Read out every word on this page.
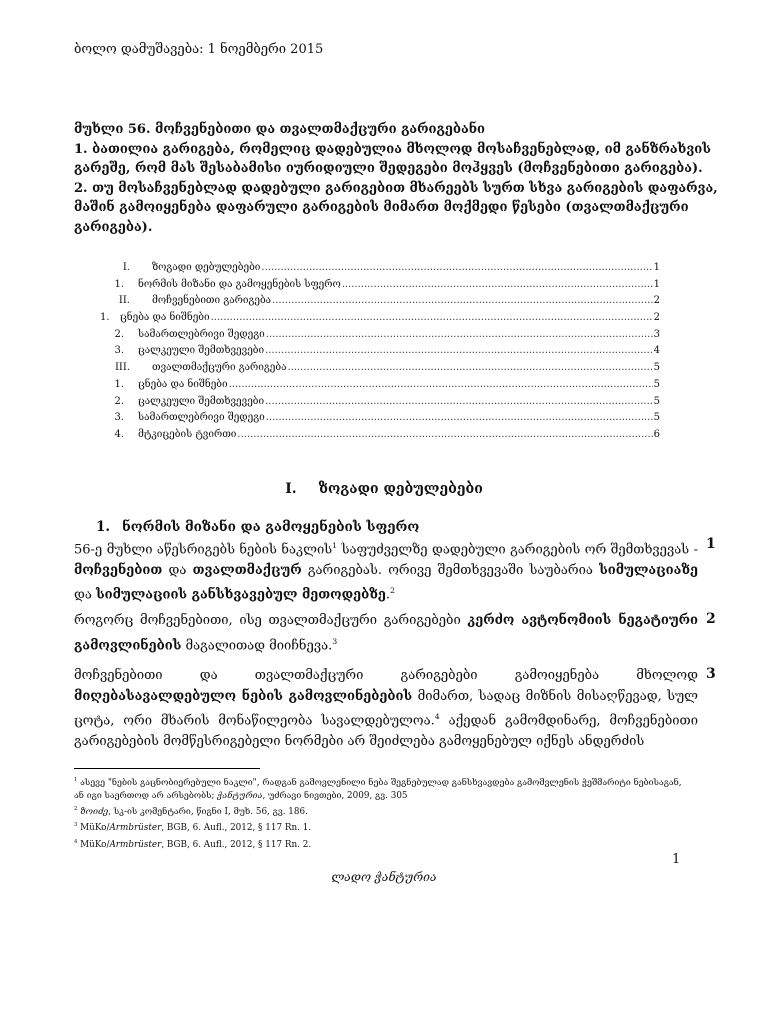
ბოლო დამუშავება: 1 ნოემბერი 2015

მუხლი 56. მოჩვენებითი და თვალთმაქცური გარიგებანი

1. ბათილია გარიგება, რომელიც დადებულია მხოლოდ მოსაჩვენებლად, იმ განზრახვის გარეშე, რომ მას შესაბამისი იურიდიული შედეგები მოჰყვეს (მოჩვენებითი გარიგება).

2. თუ მოსაჩვენებლად დადებული გარიგებით მხარეებს სურთ სხვა გარიგების დაფარვა, მაშინ გამოიყენება დაფარული გარიგების მიმართ მოქმედი წესები (თვალთმაქცური გარიგება).

I.	ზოგადი დებულებები .....	1
1.	ნორმის მიზანი და გამოყენების სფერო .....	1
II.	მოჩვენებითი გარიგება .....	2
1.	ცნება და ნიშნები .....	2
2.	სამართლებრივი შედეგი .....	3
3.	ცალკეული შემთხვევები .....	4
III.	თვალთმაქცური გარიგება .....	5
1.	ცნება და ნიშნები .....	5
2.	ცალკეული შემთხვევები .....	5
3.	სამართლებრივი შედეგი .....	5
4.	მტკიცების ტვირთი .....	6
I. ზოგადი დებულებები
1. ნორმის მიზანი და გამოყენების სფერო

56-ე მუხლი აწესრიგებს ნების ნაკლის$^1$ საფუძველზე დადებული გარიგების ორ შემთხვევას - მოჩვენებით და თვალთმაქცურ გარიგებას. ორივე შემთხვევაში საუბარია სიმულაციაზე და სიმულაციის განსხვავებულ მეთოდებზე.$^2$

1

როგორც მოჩვენებითი, ისე თვალთმაქცური გარიგებები კერძო ავტონომიის ნეგატიური გამოვლინების მაგალითად მიიჩნევა.$^3$

2

მოჩვენებითი და თვალთმაქცური გარიგებები გამოიყენება მხოლოდ მიღებასავალდებულო ნების გამოვლინებების მიმართ, სადაც მიზნის მისაღწევად, სულ ცოტა, ორი მხარის მონაწილეობა სავალდებულოა.$^4$ აქედან გამომდინარე, მოჩვენებითი გარიგებების მომწესრიგებელი ნორმები არ შეიძლება გამოყენებულ იქნეს ანდერძის

3

$^1$ ასევე "ნების გაცნობიერებული ნაკლი", რადგან გამოვლენილი ნება შეგნებულად განსხვავდება გამომვლენის ჭეშმარიტი ნებისაგან, ან იგი საერთოდ არ არსებობს; ჭანტურია, უძრავი ნივთები, 2009, გვ. 305

$^2$ ზოიძე, სკ-ის კომენტარი, წიგნი I, მუხ. 56, გვ. 186.

$^3$ MüKo/Armbrüster, BGB, 6. Aufl., 2012, § 117 Rn. 1.

$^4$ MüKo/Armbrüster, BGB, 6. Aufl., 2012, § 117 Rn. 2.

1
ლადო ჭანტურია
